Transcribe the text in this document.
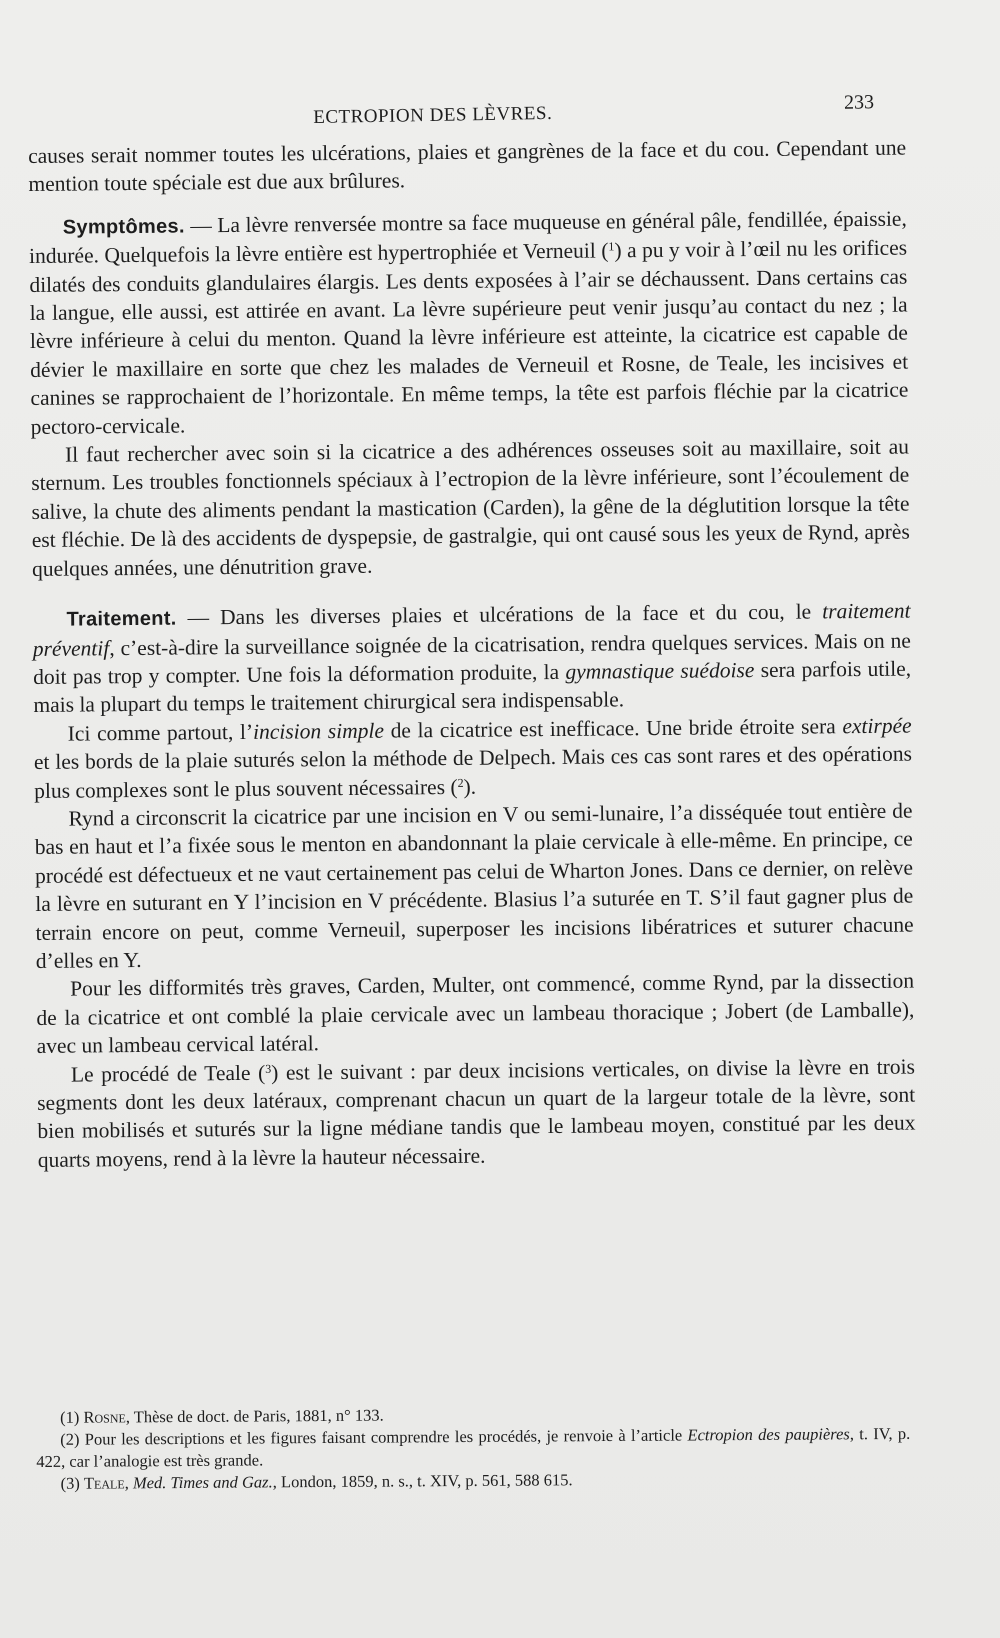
ECTROPION DES LÈVRES.
233

causes serait nommer toutes les ulcérations, plaies et gangrènes de la face et du cou. Cependant une mention toute spéciale est due aux brûlures.

Symptômes. — La lèvre renversée montre sa face muqueuse en général pâle, fendillée, épaissie, indurée. Quelquefois la lèvre entière est hypertrophiée et Verneuil ($^1$) a pu y voir à l’œil nu les orifices dilatés des conduits glandulaires élargis. Les dents exposées à l’air se déchaussent. Dans certains cas la langue, elle aussi, est attirée en avant. La lèvre supérieure peut venir jusqu’au contact du nez ; la lèvre inférieure à celui du menton. Quand la lèvre inférieure est atteinte, la cicatrice est capable de dévier le maxillaire en sorte que chez les malades de Verneuil et Rosne, de Teale, les incisives et canines se rapprochaient de l’horizontale. En même temps, la tête est parfois fléchie par la cicatrice pectoro-cervicale.

Il faut rechercher avec soin si la cicatrice a des adhérences osseuses soit au maxillaire, soit au sternum. Les troubles fonctionnels spéciaux à l’ectropion de la lèvre inférieure, sont l’écoulement de salive, la chute des aliments pendant la mastication (Carden), la gêne de la déglutition lorsque la tête est fléchie. De là des accidents de dyspepsie, de gastralgie, qui ont causé sous les yeux de Rynd, après quelques années, une dénutrition grave.

Traitement. — Dans les diverses plaies et ulcérations de la face et du cou, le traitement préventif, c’est-à-dire la surveillance soignée de la cicatrisation, rendra quelques services. Mais on ne doit pas trop y compter. Une fois la déformation produite, la gymnastique suédoise sera parfois utile, mais la plupart du temps le traitement chirurgical sera indispensable.

Ici comme partout, l’incision simple de la cicatrice est inefficace. Une bride étroite sera extirpée et les bords de la plaie suturés selon la méthode de Delpech. Mais ces cas sont rares et des opérations plus complexes sont le plus souvent nécessaires ($^2$).

Rynd a circonscrit la cicatrice par une incision en V ou semi-lunaire, l’a disséquée tout entière de bas en haut et l’a fixée sous le menton en abandonnant la plaie cervicale à elle-même. En principe, ce procédé est défectueux et ne vaut certainement pas celui de Wharton Jones. Dans ce dernier, on relève la lèvre en suturant en Y l’incision en V précédente. Blasius l’a suturée en T. S’il faut gagner plus de terrain encore on peut, comme Verneuil, superposer les incisions libératrices et suturer chacune d’elles en Y.

Pour les difformités très graves, Carden, Multer, ont commencé, comme Rynd, par la dissection de la cicatrice et ont comblé la plaie cervicale avec un lambeau thoracique ; Jobert (de Lamballe), avec un lambeau cervical latéral.

Le procédé de Teale ($^3$) est le suivant : par deux incisions verticales, on divise la lèvre en trois segments dont les deux latéraux, comprenant chacun un quart de la largeur totale de la lèvre, sont bien mobilisés et suturés sur la ligne médiane tandis que le lambeau moyen, constitué par les deux quarts moyens, rend à la lèvre la hauteur nécessaire.

(1) Rosne, Thèse de doct. de Paris, 1881, n° 133.

(2) Pour les descriptions et les figures faisant comprendre les procédés, je renvoie à l’article Ectropion des paupières, t. IV, p. 422, car l’analogie est très grande.

(3) Teale, Med. Times and Gaz., London, 1859, n. s., t. XIV, p. 561, 588 615.
